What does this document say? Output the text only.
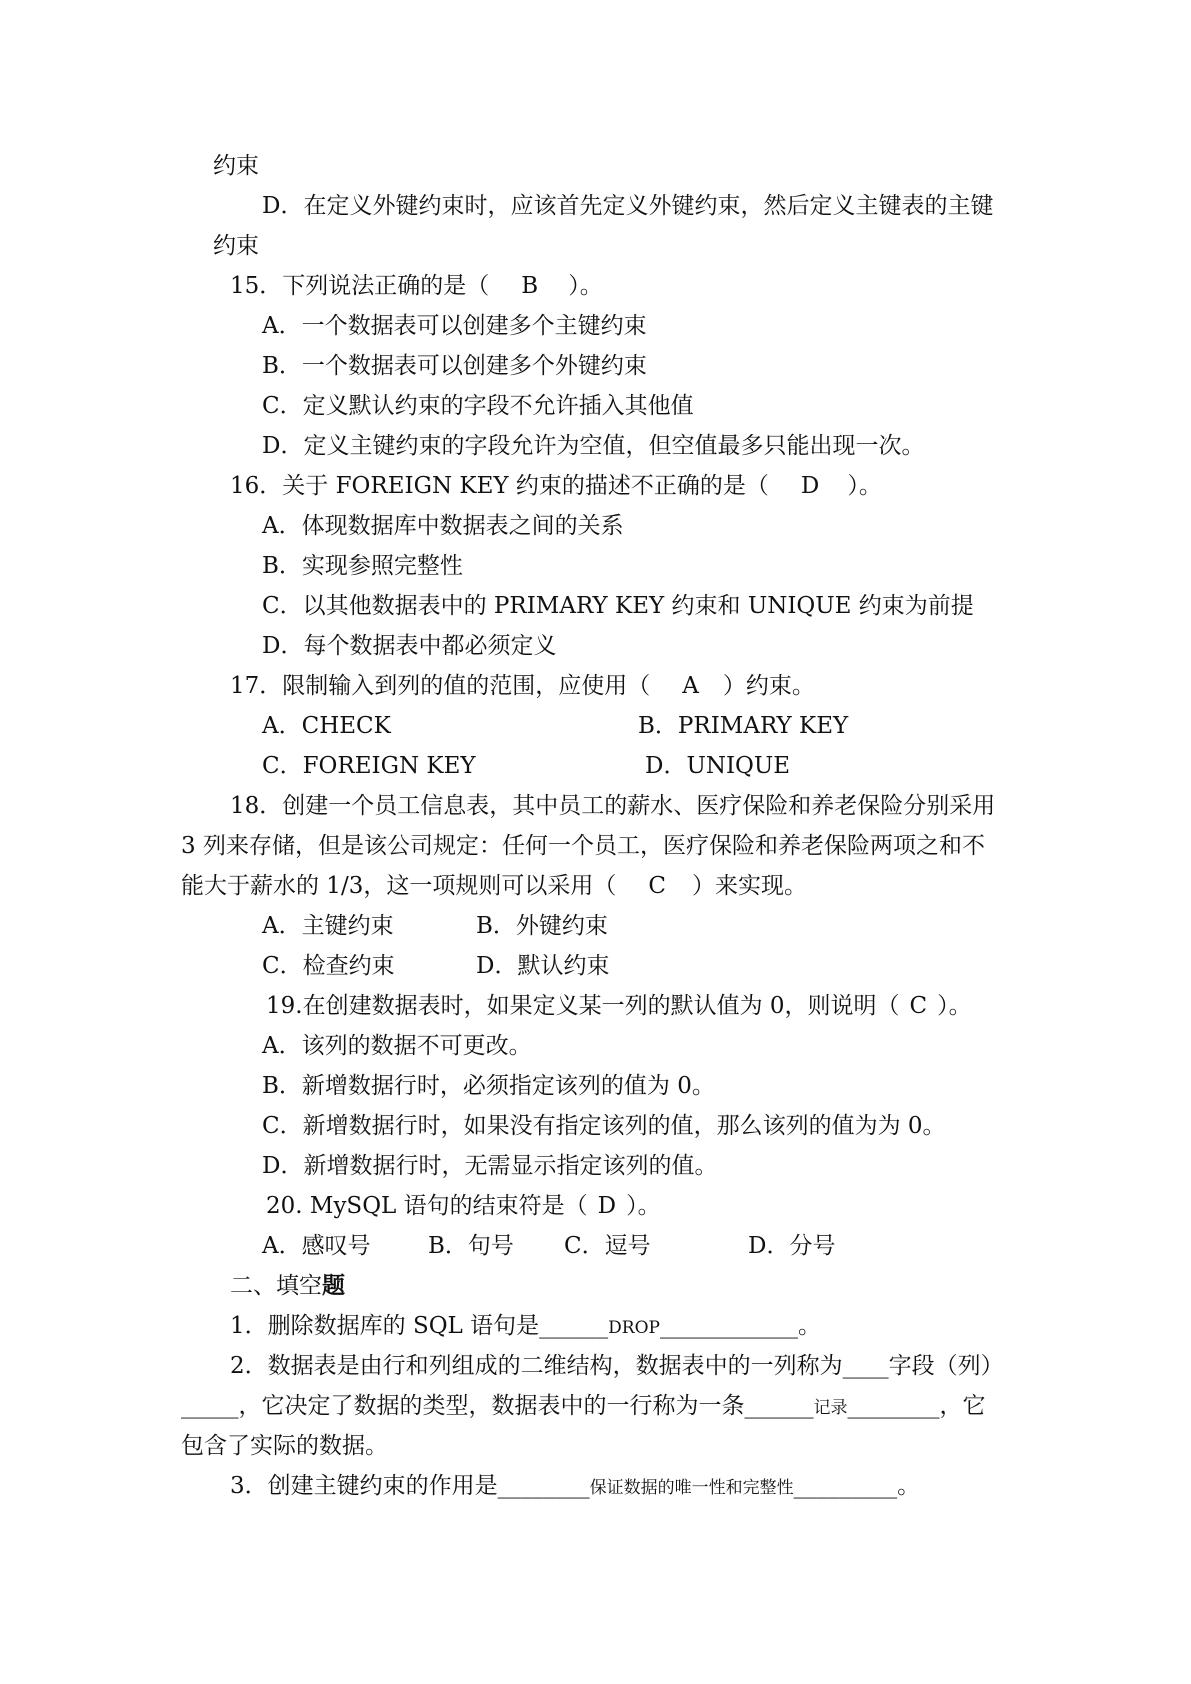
约束
D．在定义外键约束时，应该首先定义外键约束，然后定义主键表的主键
约束
15．下列说法正确的是（ B ）。
A．一个数据表可以创建多个主键约束
B．一个数据表可以创建多个外键约束
C．定义默认约束的字段不允许插入其他值
D．定义主键约束的字段允许为空值，但空值最多只能出现一次。
16．关于 FOREIGN KEY 约束的描述不正确的是（ D ）。
A．体现数据库中数据表之间的关系
B．实现参照完整性
C．以其他数据表中的 PRIMARY KEY 约束和 UNIQUE 约束为前提
D．每个数据表中都必须定义
17．限制输入到列的值的范围，应使用（ A ）约束。
A．CHECK	B．PRIMARY KEY
C．FOREIGN KEY	D．UNIQUE
18．创建一个员工信息表，其中员工的薪水、医疗保险和养老保险分别采用
3 列来存储，但是该公司规定：任何一个员工，医疗保险和养老保险两项之和不
能大于薪水的 1/3，这一项规则可以采用（ C ）来实现。
A．主键约束	B．外键约束
C．检查约束	D．默认约束
19.在创建数据表时，如果定义某一列的默认值为 0，则说明（ C ）。
A．该列的数据不可更改。
B．新增数据行时，必须指定该列的值为 0。
C．新增数据行时，如果没有指定该列的值，那么该列的值为为 0。
D．新增数据行时，无需显示指定该列的值。
20. MySQL 语句的结束符是（ D ）。
A．感叹号 B．句号 C．逗号	D．分号
二、填空题
1．删除数据库的 SQL 语句是______DROP____________。
2．数据表是由行和列组成的二维结构，数据表中的一列称为____字段（列）
_____，它决定了数据的类型，数据表中的一行称为一条______记录________，它
包含了实际的数据。
3．创建主键约束的作用是________保证数据的唯一性和完整性_________。
